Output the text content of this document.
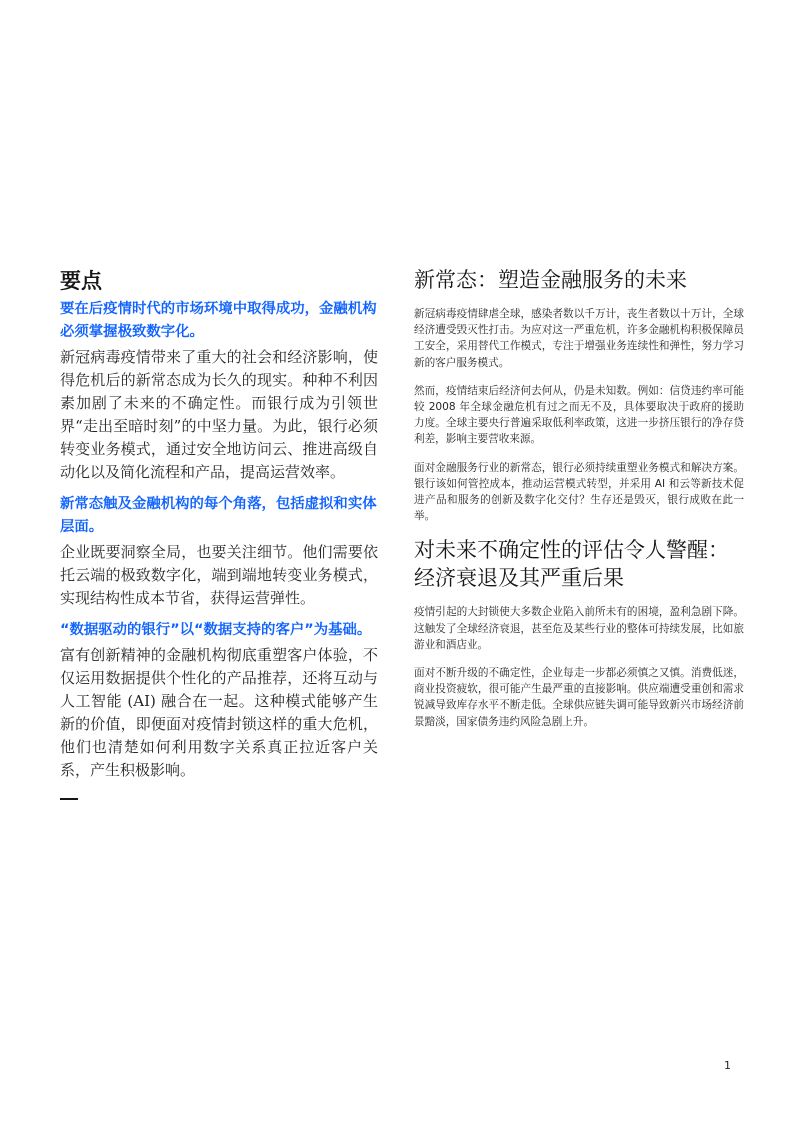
要点
要在后疫情时代的市场环境中取得成功，金融机构必须掌握极致数字化。

新冠病毒疫情带来了重大的社会和经济影响，使得危机后的新常态成为长久的现实。种种不利因素加剧了未来的不确定性。而银行成为引领世界“走出至暗时刻”的中坚力量。为此，银行必须转变业务模式，通过安全地访问云、推进高级自动化以及简化流程和产品，提高运营效率。

新常态触及金融机构的每个角落，包括虚拟和实体层面。

企业既要洞察全局，也要关注细节。他们需要依托云端的极致数字化，端到端地转变业务模式，实现结构性成本节省，获得运营弹性。

“数据驱动的银行”以“数据支持的客户”为基础。

富有创新精神的金融机构彻底重塑客户体验，不仅运用数据提供个性化的产品推荐，还将互动与人工智能 (AI) 融合在一起。这种模式能够产生新的价值，即便面对疫情封锁这样的重大危机，他们也清楚如何利用数字关系真正拉近客户关系，产生积极影响。

新常态：塑造金融服务的未来

新冠病毒疫情肆虐全球，感染者数以千万计，丧生者数以十万计，全球经济遭受毁灭性打击。为应对这一严重危机，许多金融机构积极保障员工安全，采用替代工作模式，专注于增强业务连续性和弹性，努力学习新的客户服务模式。

然而，疫情结束后经济何去何从，仍是未知数。例如：信贷违约率可能较 2008 年全球金融危机有过之而无不及，具体要取决于政府的援助力度。全球主要央行普遍采取低利率政策，这进一步挤压银行的净存贷利差，影响主要营收来源。

面对金融服务行业的新常态，银行必须持续重塑业务模式和解决方案。银行该如何管控成本，推动运营模式转型，并采用 AI 和云等新技术促进产品和服务的创新及数字化交付？生存还是毁灭，银行成败在此一举。

对未来不确定性的评估令人警醒：经济衰退及其严重后果

疫情引起的大封锁使大多数企业陷入前所未有的困境，盈利急剧下降。这触发了全球经济衰退，甚至危及某些行业的整体可持续发展，比如旅游业和酒店业。

面对不断升级的不确定性，企业每走一步都必须慎之又慎。消费低迷，商业投资疲软，很可能产生最严重的直接影响。供应端遭受重创和需求锐减导致库存水平不断走低。全球供应链失调可能导致新兴市场经济前景黯淡，国家债务违约风险急剧上升。

1
